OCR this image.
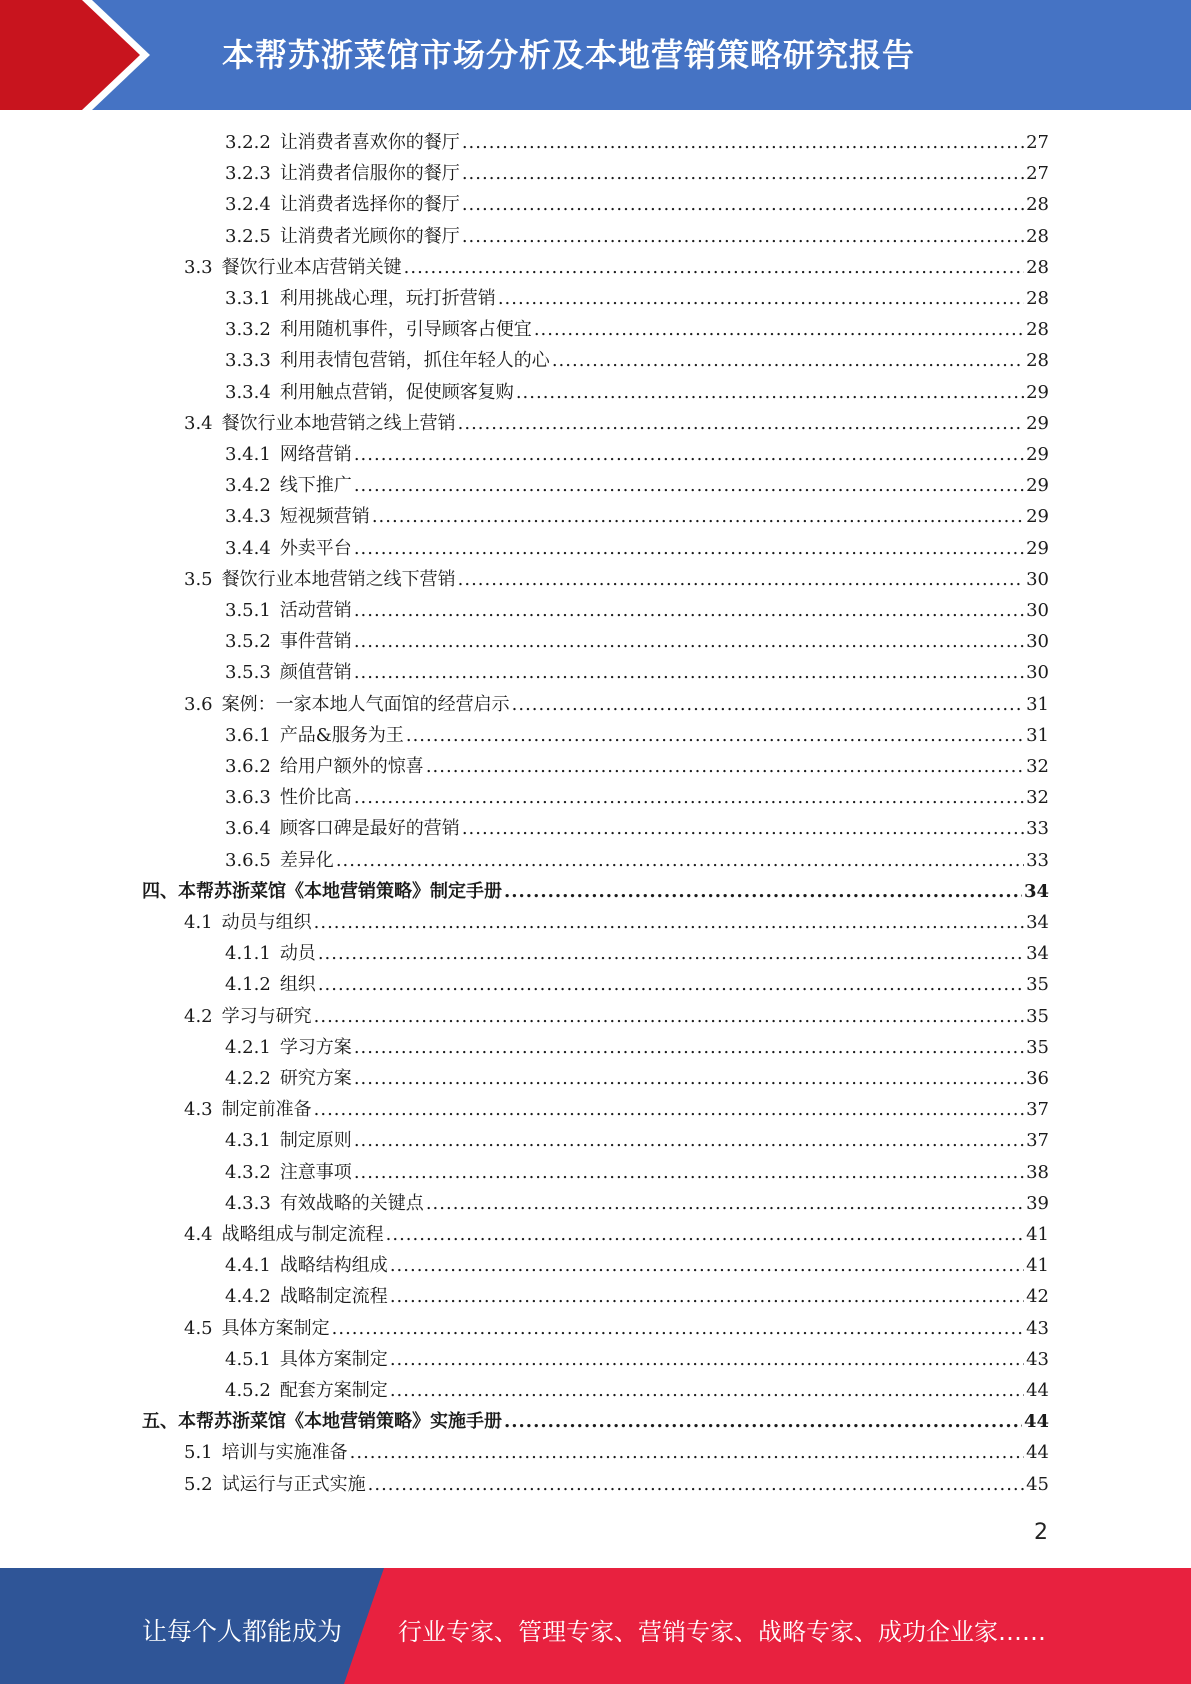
本帮苏浙菜馆市场分析及本地营销策略研究报告
3.2.2 让消费者喜欢你的餐厅 .....	27
3.2.3 让消费者信服你的餐厅 .....	27
3.2.4 让消费者选择你的餐厅 .....	28
3.2.5 让消费者光顾你的餐厅 .....	28
3.3 餐饮行业本店营销关键 .....	28
3.3.1 利用挑战心理，玩打折营销 .....	28
3.3.2 利用随机事件，引导顾客占便宜 .....	28
3.3.3 利用表情包营销，抓住年轻人的心 .....	28
3.3.4 利用触点营销，促使顾客复购 .....	29
3.4 餐饮行业本地营销之线上营销 .....	29
3.4.1 网络营销 .....	29
3.4.2 线下推广 .....	29
3.4.3 短视频营销 .....	29
3.4.4 外卖平台 .....	29
3.5 餐饮行业本地营销之线下营销 .....	30
3.5.1 活动营销 .....	30
3.5.2 事件营销 .....	30
3.5.3 颜值营销 .....	30
3.6 案例：一家本地人气面馆的经营启示 .....	31
3.6.1 产品&服务为王 .....	31
3.6.2 给用户额外的惊喜 .....	32
3.6.3 性价比高 .....	32
3.6.4 顾客口碑是最好的营销 .....	33
3.6.5 差异化 .....	33
四、本帮苏浙菜馆《本地营销策略》制定手册 .....	34
4.1 动员与组织 .....	34
4.1.1 动员 .....	34
4.1.2 组织 .....	35
4.2 学习与研究 .....	35
4.2.1 学习方案 .....	35
4.2.2 研究方案 .....	36
4.3 制定前准备 .....	37
4.3.1 制定原则 .....	37
4.3.2 注意事项 .....	38
4.3.3 有效战略的关键点 .....	39
4.4 战略组成与制定流程 .....	41
4.4.1 战略结构组成 .....	41
4.4.2 战略制定流程 .....	42
4.5 具体方案制定 .....	43
4.5.1 具体方案制定 .....	43
4.5.2 配套方案制定 .....	44
五、本帮苏浙菜馆《本地营销策略》实施手册 .....	44
5.1 培训与实施准备 .....	44
5.2 试运行与正式实施 .....	45
2
让每个人都能成为 行业专家、管理专家、营销专家、战略专家、成功企业家……
